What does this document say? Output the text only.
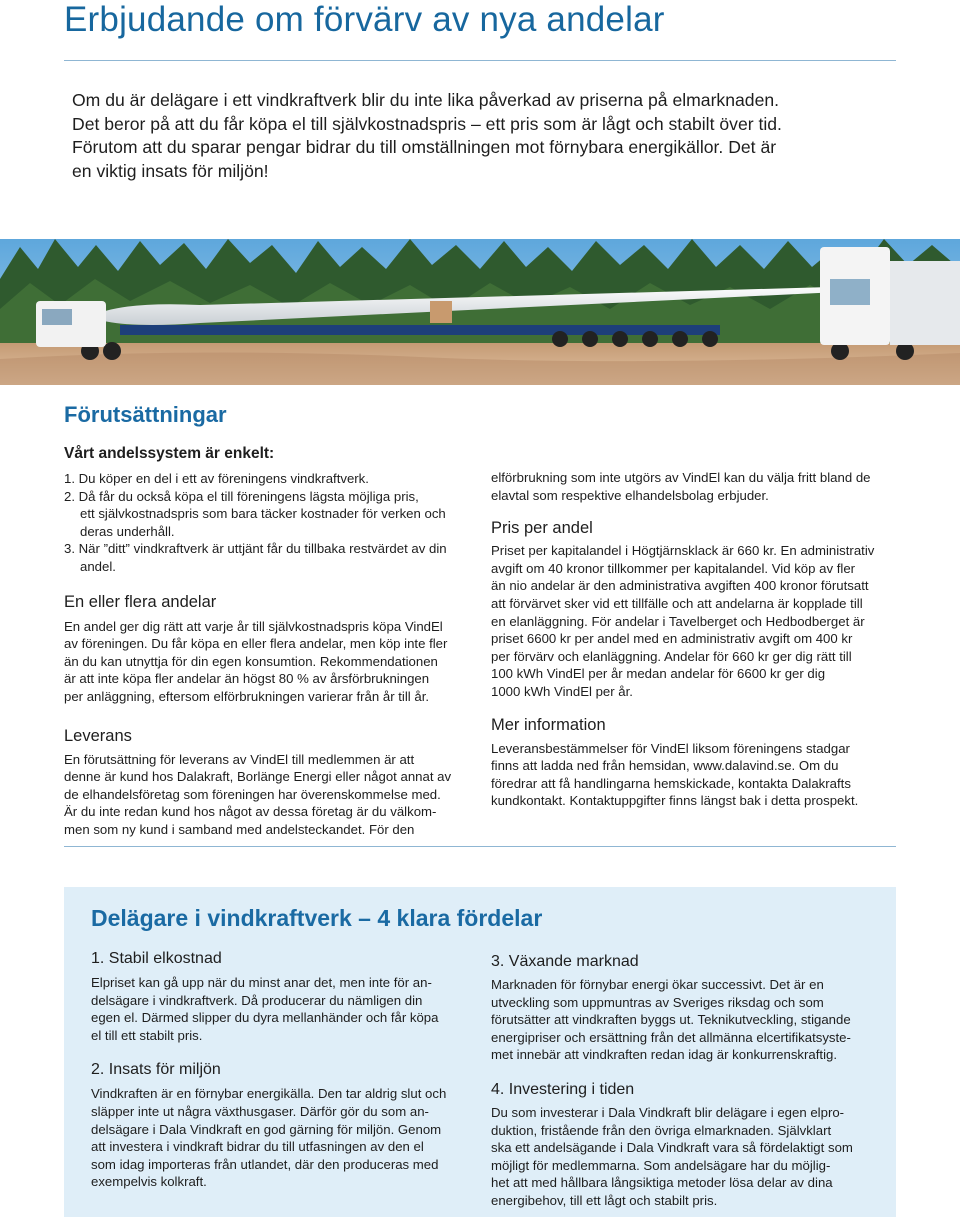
Erbjudande om förvärv av nya andelar

Om du är delägare i ett vindkraftverk blir du inte lika påverkad av priserna på elmarknaden.
Det beror på att du får köpa el till självkostnadspris – ett pris som är lågt och stabilt över tid.
Förutom att du sparar pengar bidrar du till omställningen mot förnybara energikällor. Det är
en viktig insats för miljön!

Förutsättningar

Vårt andelssystem är enkelt:

1. Du köper en del i ett av föreningens vindkraftverk.
2. Då får du också köpa el till föreningens lägsta möjliga pris,
ett självkostnadspris som bara täcker kostnader för verken och
deras underhåll.
3. När ”ditt” vindkraftverk är uttjänt får du tillbaka restvärdet av din
andel.

En eller flera andelar

En andel ger dig rätt att varje år till självkostnadspris köpa VindEl
av föreningen. Du får köpa en eller flera andelar, men köp inte fler
än du kan utnyttja för din egen konsumtion. Rekommendationen
är att inte köpa fler andelar än högst 80 % av årsförbrukningen
per anläggning, eftersom elförbrukningen varierar från år till år.

Leverans

En förutsättning för leverans av VindEl till medlemmen är att
denne är kund hos Dalakraft, Borlänge Energi eller något annat av
de elhandelsföretag som föreningen har överenskommelse med.
Är du inte redan kund hos något av dessa företag är du välkom-
men som ny kund i samband med andelsteckandet. För den

elförbrukning som inte utgörs av VindEl kan du välja fritt bland de
elavtal som respektive elhandelsbolag erbjuder.

Pris per andel

Priset per kapitalandel i Högtjärnsklack är 660 kr. En administrativ
avgift om 40 kronor tillkommer per kapitalandel. Vid köp av fler
än nio andelar är den administrativa avgiften 400 kronor förutsatt
att förvärvet sker vid ett tillfälle och att andelarna är kopplade till
en elanläggning. För andelar i Tavelberget och Hedbodberget är
priset 6600 kr per andel med en administrativ avgift om 400 kr
per förvärv och elanläggning. Andelar för 660 kr ger dig rätt till
100 kWh VindEl per år medan andelar för 6600 kr ger dig
1000 kWh VindEl per år.

Mer information

Leveransbestämmelser för VindEl liksom föreningens stadgar
finns att ladda ned från hemsidan, www.dalavind.se. Om du
föredrar att få handlingarna hemskickade, kontakta Dalakrafts
kundkontakt. Kontaktuppgifter finns längst bak i detta prospekt.

Delägare i vindkraftverk – 4 klara fördelar

1. Stabil elkostnad

Elpriset kan gå upp när du minst anar det, men inte för an-
delsägare i vindkraftverk. Då producerar du nämligen din
egen el. Därmed slipper du dyra mellanhänder och får köpa
el till ett stabilt pris.

2. Insats för miljön

Vindkraften är en förnybar energikälla. Den tar aldrig slut och
släpper inte ut några växthusgaser. Därför gör du som an-
delsägare i Dala Vindkraft en god gärning för miljön. Genom
att investera i vindkraft bidrar du till utfasningen av den el
som idag importeras från utlandet, där den produceras med
exempelvis kolkraft.

3. Växande marknad

Marknaden för förnybar energi ökar successivt. Det är en
utveckling som uppmuntras av Sveriges riksdag och som
förutsätter att vindkraften byggs ut. Teknikutveckling, stigande
energipriser och ersättning från det allmänna elcertifikatsyste-
met innebär att vindkraften redan idag är konkurrenskraftig.

4. Investering i tiden

Du som investerar i Dala Vindkraft blir delägare i egen elpro-
duktion, fristående från den övriga elmarknaden. Självklart
ska ett andelsägande i Dala Vindkraft vara så fördelaktigt som
möjligt för medlemmarna. Som andelsägare har du möjlig-
het att med hållbara långsiktiga metoder lösa delar av dina
energibehov, till ett lågt och stabilt pris.
